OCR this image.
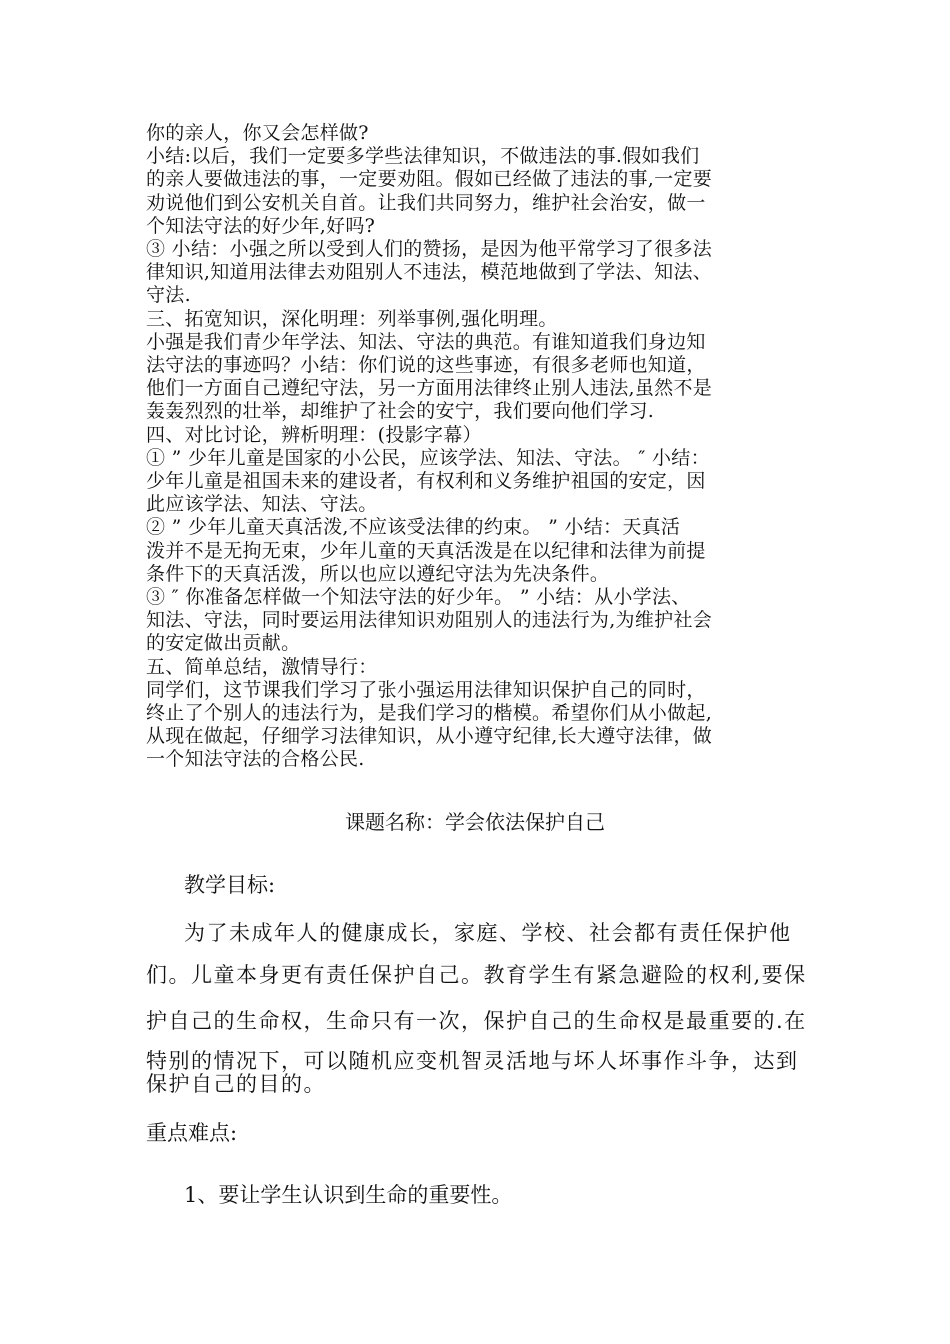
你的亲人，你又会怎样做?

小结:以后，我们一定要多学些法律知识，不做违法的事.假如我们

的亲人要做违法的事，一定要劝阻。假如已经做了违法的事,一定要

劝说他们到公安机关自首。让我们共同努力，维护社会治安，做一

个知法守法的好少年,好吗?

③ 小结：小强之所以受到人们的赞扬，是因为他平常学习了很多法

律知识,知道用法律去劝阻别人不违法，模范地做到了学法、知法、

守法.

三、拓宽知识，深化明理：列举事例,强化明理。

小强是我们青少年学法、知法、守法的典范。有谁知道我们身边知

法守法的事迹吗？小结：你们说的这些事迹，有很多老师也知道，

他们一方面自己遵纪守法，另一方面用法律终止别人违法,虽然不是

轰轰烈烈的壮举，却维护了社会的安宁，我们要向他们学习.

四、对比讨论，辨析明理：(投影字幕）

① ” 少年儿童是国家的小公民，应该学法、知法、守法。 ″ 小结：

少年儿童是祖国未来的建设者，有权利和义务维护祖国的安定，因

此应该学法、知法、守法。

② ” 少年儿童天真活泼,不应该受法律的约束。 ” 小结：天真活

泼并不是无拘无束，少年儿童的天真活泼是在以纪律和法律为前提

条件下的天真活泼，所以也应以遵纪守法为先决条件。

③ ″ 你准备怎样做一个知法守法的好少年。 ” 小结：从小学法、

知法、守法，同时要运用法律知识劝阻别人的违法行为,为维护社会

的安定做出贡献。

五、简单总结，激情导行：

同学们，这节课我们学习了张小强运用法律知识保护自己的同时，

终止了个别人的违法行为，是我们学习的楷模。希望你们从小做起,

从现在做起，仔细学习法律知识，从小遵守纪律,长大遵守法律，做

一个知法守法的合格公民.

课题名称：学会依法保护自己
教学目标:
为了未成年人的健康成长，家庭、学校、社会都有责任保护他
们。儿童本身更有责任保护自己。教育学生有紧急避险的权利,要保
护自己的生命权，生命只有一次，保护自己的生命权是最重要的.在
特别的情况下，可以随机应变机智灵活地与坏人坏事作斗争，达到
保护自己的目的。
重点难点:
1、要让学生认识到生命的重要性。
